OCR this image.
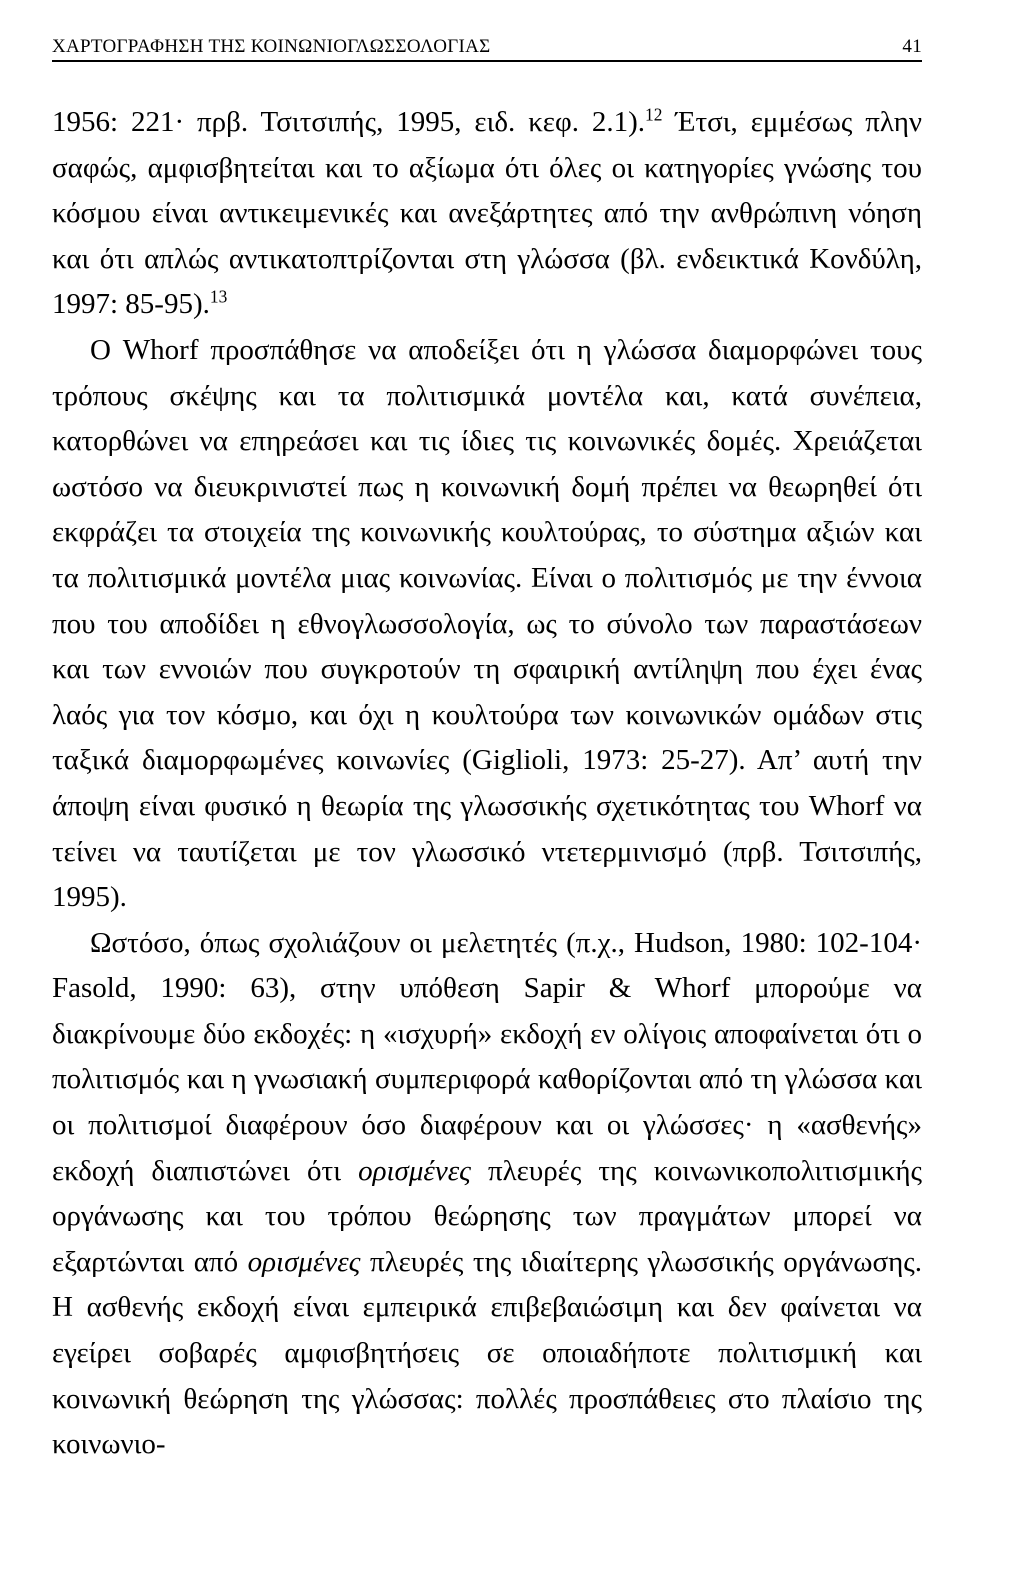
ΧΑΡΤΟΓΡΑΦΗΣΗ ΤΗΣ ΚΟΙΝΩΝΙΟΓΛΩΣΣΟΛΟΓΙΑΣ	41

1956: 221· πρβ. Τσιτσιπής, 1995, ειδ. κεφ. 2.1).$^{12}$ Έτσι, εμμέσως πλην σαφώς, αμφισβητείται και το αξίωμα ότι όλες οι κατηγορίες γνώσης του κόσμου είναι αντικειμενικές και ανεξάρτητες από την ανθρώπινη νόηση και ότι απλώς αντικατοπτρίζονται στη γλώσσα (βλ. ενδεικτικά Κονδύλη, 1997: 85-95).$^{13}$

Ο Whorf προσπάθησε να αποδείξει ότι η γλώσσα διαμορφώνει τους τρόπους σκέψης και τα πολιτισμικά μοντέλα και, κατά συνέπεια, κατορθώνει να επηρεάσει και τις ίδιες τις κοινωνικές δομές. Χρειάζεται ωστόσο να διευκρινιστεί πως η κοινωνική δομή πρέπει να θεωρηθεί ότι εκφράζει τα στοιχεία της κοινωνικής κουλτούρας, το σύστημα αξιών και τα πολιτισμικά μοντέλα μιας κοινωνίας. Είναι ο πολιτισμός με την έννοια που του αποδίδει η εθνογλωσσολογία, ως το σύνολο των παραστάσεων και των εννοιών που συγκροτούν τη σφαιρική αντίληψη που έχει ένας λαός για τον κόσμο, και όχι η κουλτούρα των κοινωνικών ομάδων στις ταξικά διαμορφωμένες κοινωνίες (Giglioli, 1973: 25-27). Απ’ αυτή την άποψη είναι φυσικό η θεωρία της γλωσσικής σχετικότητας του Whorf να τείνει να ταυτίζεται με τον γλωσσικό ντετερμινισμό (πρβ. Τσιτσιπής, 1995).

Ωστόσο, όπως σχολιάζουν οι μελετητές (π.χ., Hudson, 1980: 102-104· Fasold, 1990: 63), στην υπόθεση Sapir & Whorf μπορούμε να διακρίνουμε δύο εκδοχές: η «ισχυρή» εκδοχή εν ολίγοις αποφαίνεται ότι ο πολιτισμός και η γνωσιακή συμπεριφορά καθορίζονται από τη γλώσσα και οι πολιτισμοί διαφέρουν όσο διαφέρουν και οι γλώσσες· η «ασθενής» εκδοχή διαπιστώνει ότι ορισμένες πλευρές της κοινωνικοπολιτισμικής οργάνωσης και του τρόπου θεώρησης των πραγμάτων μπορεί να εξαρτώνται από ορισμένες πλευρές της ιδιαίτερης γλωσσικής οργάνωσης. Η ασθενής εκδοχή είναι εμπειρικά επιβεβαιώσιμη και δεν φαίνεται να εγείρει σοβαρές αμφισβητήσεις σε οποιαδήποτε πολιτισμική και κοινωνική θεώρηση της γλώσσας: πολλές προσπάθειες στο πλαίσιο της κοινωνιο-
